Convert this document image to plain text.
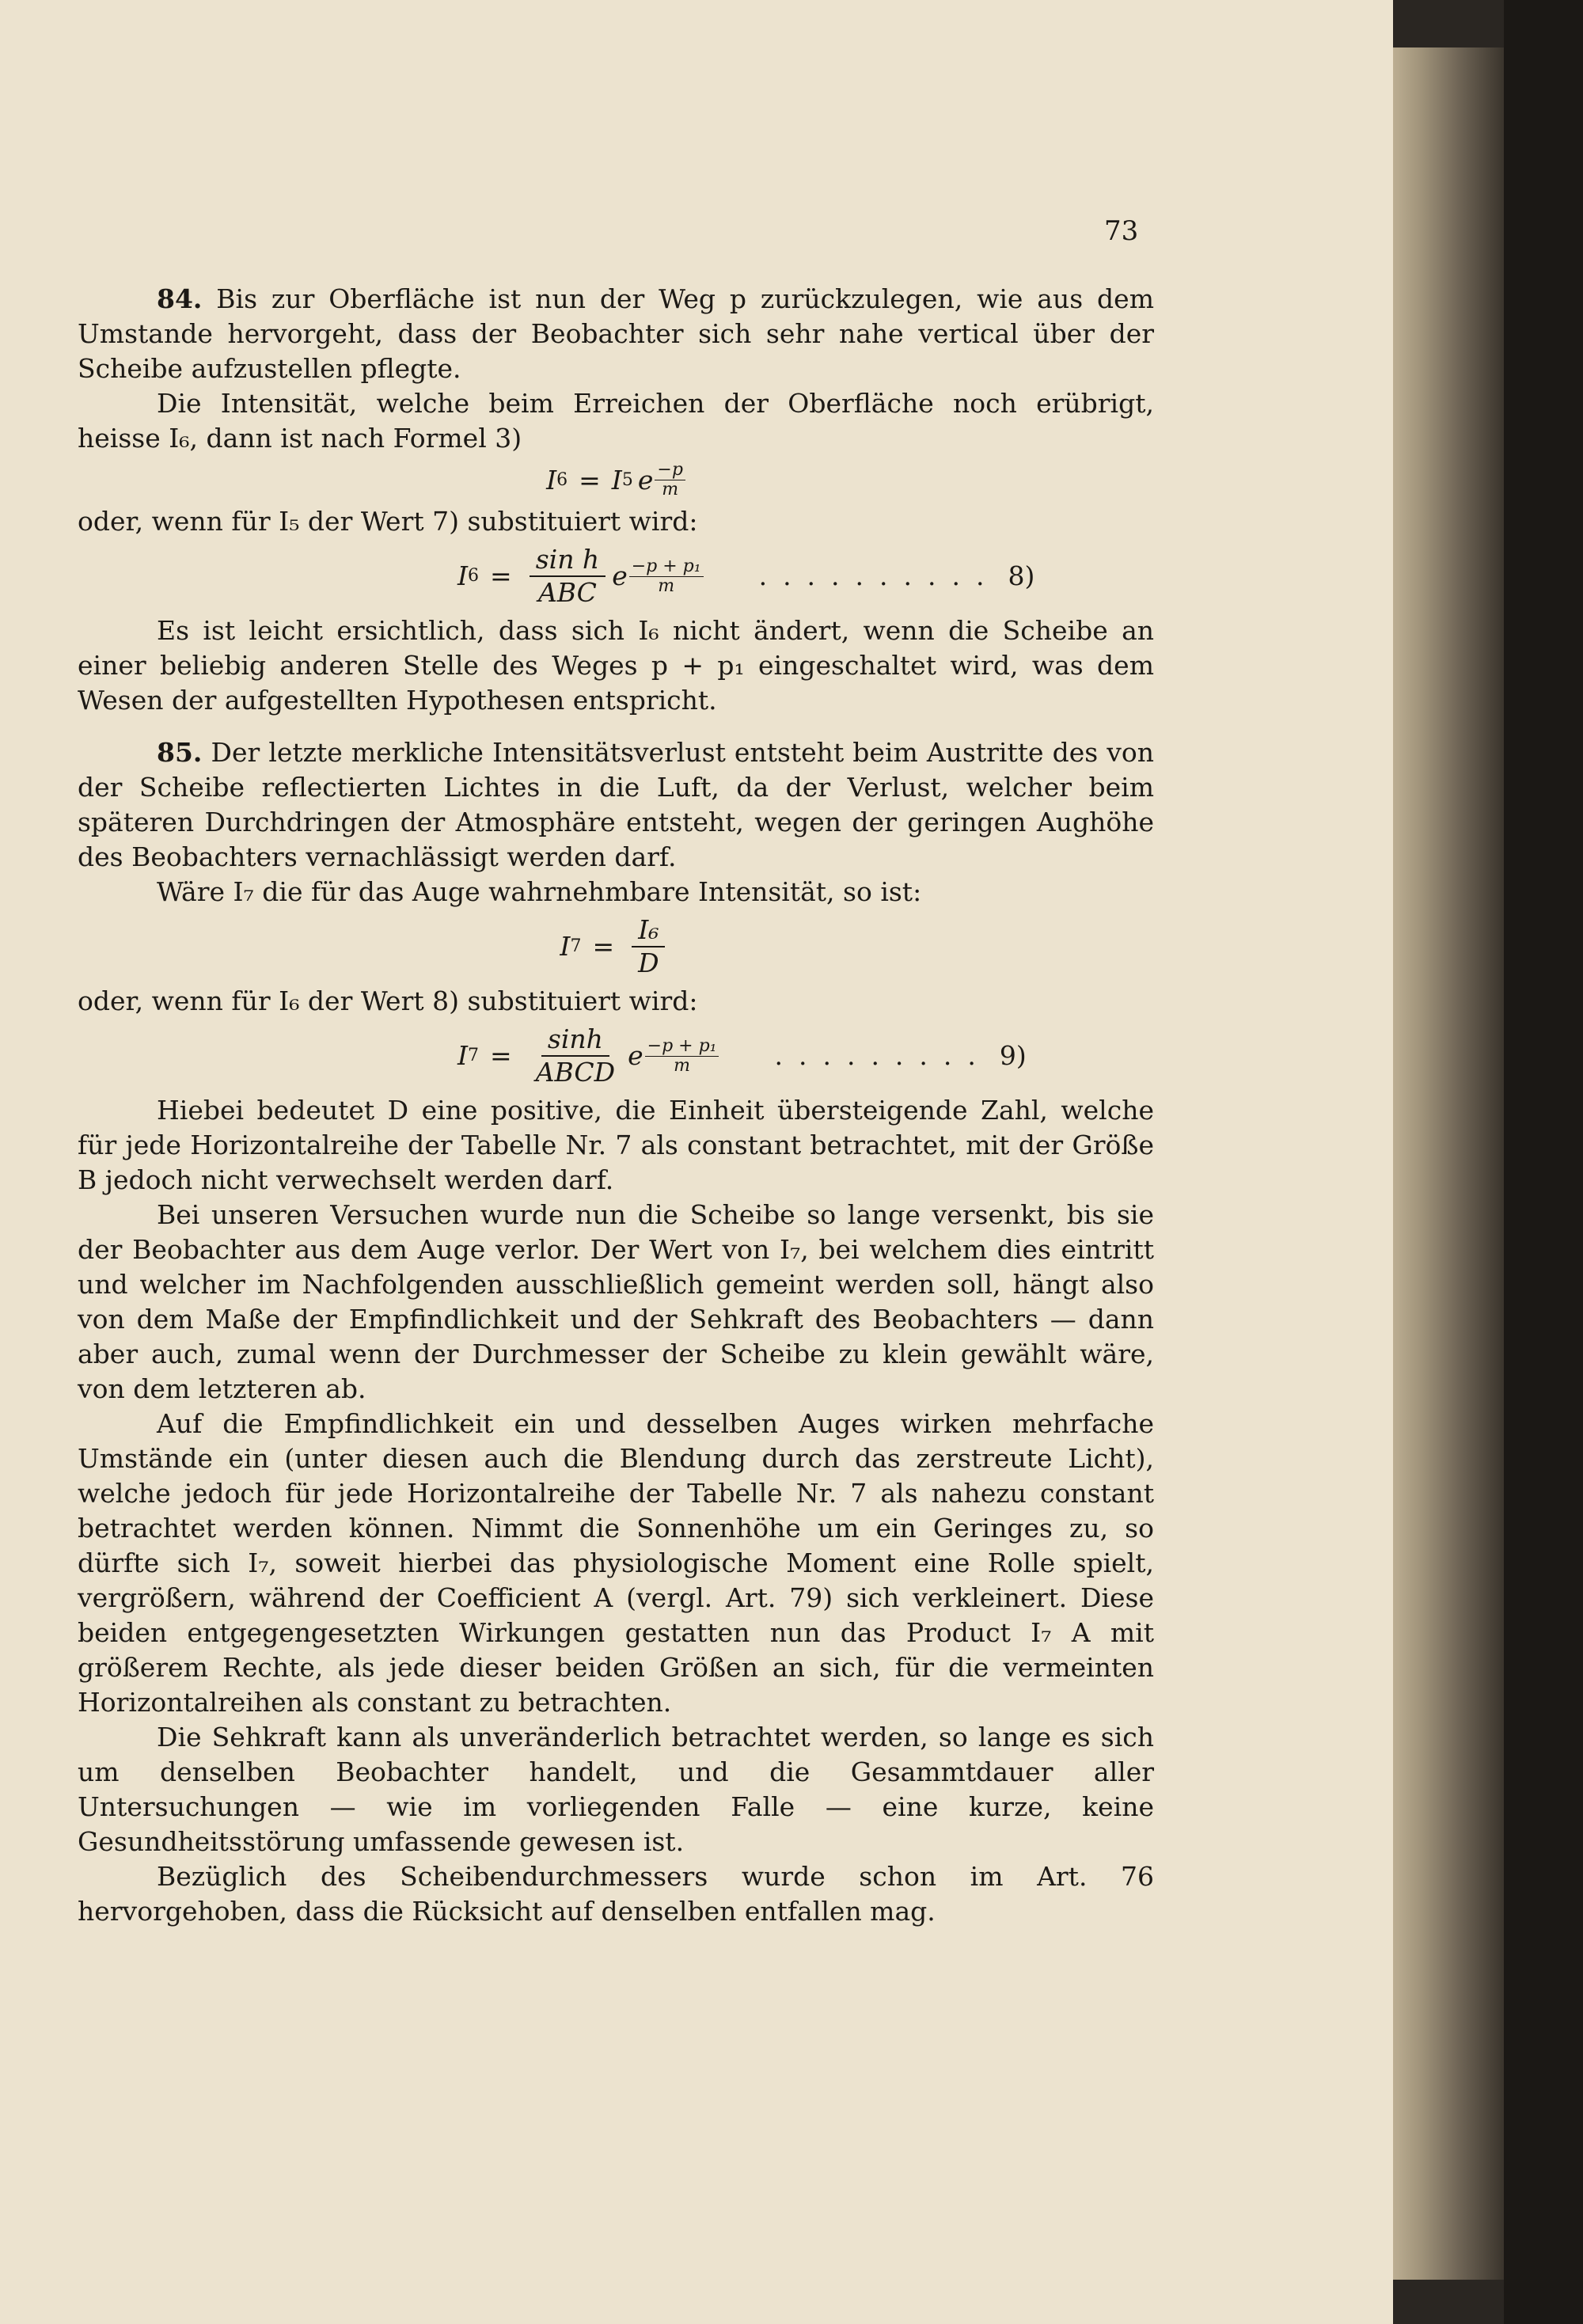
73

84. Bis zur Oberfläche ist nun der Weg p zurückzulegen, wie aus dem Umstande hervorgeht, dass der Beobachter sich sehr nahe vertical über der Scheibe aufzustellen pflegte.

Die Intensität, welche beim Erreichen der Oberfläche noch erübrigt, heisse I₆, dann ist nach Formel 3)

I 6 = I 5 e $\frac{-p}{m}$

oder, wenn für I₅ der Wert 7) substituiert wird:

I $6 = \frac{\text{sin h}}{\text{ABC}}$ e $\frac{\text{−p + p₁}}{m}$ .......... 8)

Es ist leicht ersichtlich, dass sich I₆ nicht ändert, wenn die Scheibe an einer beliebig anderen Stelle des Weges p + p₁ eingeschaltet wird, was dem Wesen der aufgestellten Hypothesen entspricht.

85. Der letzte merkliche Intensitätsverlust entsteht beim Austritte des von der Scheibe reflectierten Lichtes in die Luft, da der Verlust, welcher beim späteren Durchdringen der Atmosphäre entsteht, wegen der geringen Aughöhe des Beobachters vernachlässigt werden darf.

Wäre I₇ die für das Auge wahrnehmbare Intensität, so ist:

I $7 = \frac{\text{I₆}}{D}$

oder, wenn für I₆ der Wert 8) substituiert wird:

I $7 = \frac{\sinh}{\text{ABCD}}$ e $\frac{\text{−p + p₁}}{m}$ ......... 9)

Hiebei bedeutet D eine positive, die Einheit übersteigende Zahl, welche für jede Horizontalreihe der Tabelle Nr. 7 als constant betrachtet, mit der Größe B jedoch nicht verwechselt werden darf.

Bei unseren Versuchen wurde nun die Scheibe so lange versenkt, bis sie der Beobachter aus dem Auge verlor. Der Wert von I₇, bei welchem dies eintritt und welcher im Nachfolgenden ausschließlich gemeint werden soll, hängt also von dem Maße der Empfindlichkeit und der Sehkraft des Beobachters — dann aber auch, zumal wenn der Durchmesser der Scheibe zu klein gewählt wäre, von dem letzteren ab.

Auf die Empfindlichkeit ein und desselben Auges wirken mehrfache Umstände ein (unter diesen auch die Blendung durch das zerstreute Licht), welche jedoch für jede Horizontalreihe der Tabelle Nr. 7 als nahezu constant betrachtet werden können. Nimmt die Sonnenhöhe um ein Geringes zu, so dürfte sich I₇, soweit hierbei das physiologische Moment eine Rolle spielt, vergrößern, während der Coefficient A (vergl. Art. 79) sich verkleinert. Diese beiden entgegengesetzten Wirkungen gestatten nun das Product I₇ A mit größerem Rechte, als jede dieser beiden Größen an sich, für die vermeinten Horizontalreihen als constant zu betrachten.

Die Sehkraft kann als unveränderlich betrachtet werden, so lange es sich um denselben Beobachter handelt, und die Gesammtdauer aller Untersuchungen — wie im vorliegenden Falle — eine kurze, keine Gesundheitsstörung umfassende gewesen ist.

Bezüglich des Scheibendurchmessers wurde schon im Art. 76 hervorgehoben, dass die Rücksicht auf denselben entfallen mag.
